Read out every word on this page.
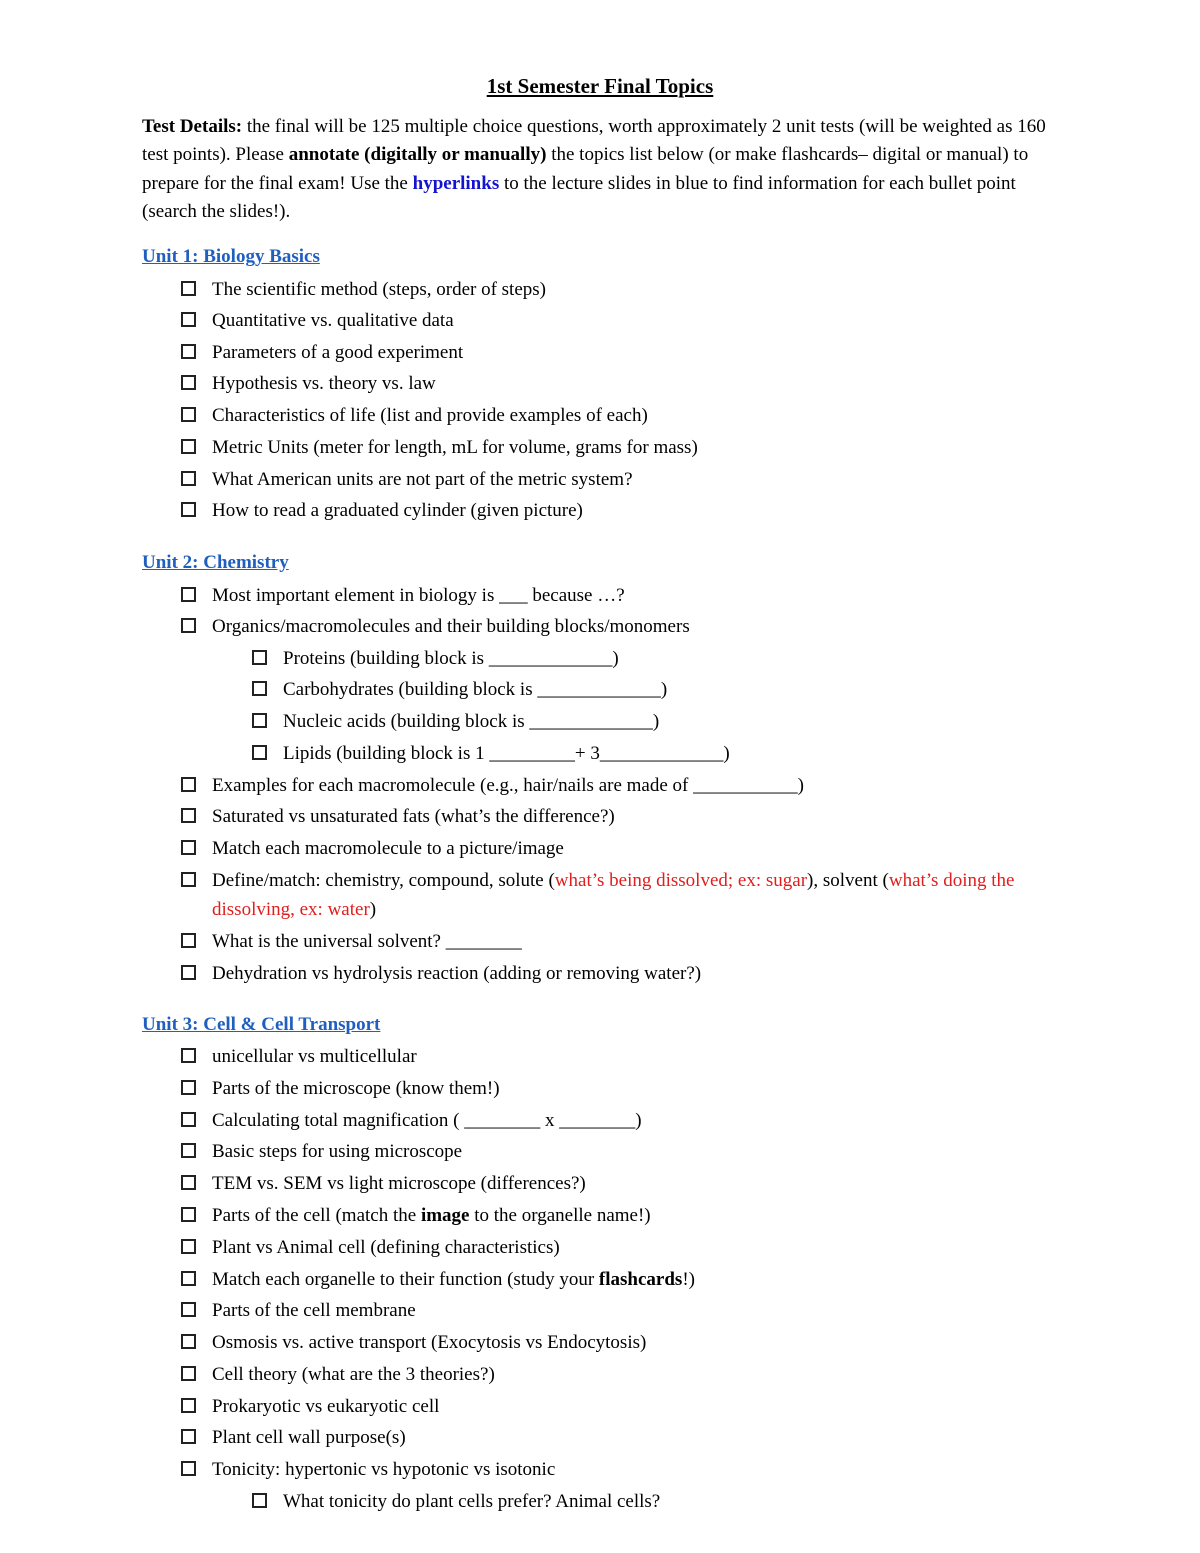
1st Semester Final Topics
Test Details: the final will be 125 multiple choice questions, worth approximately 2 unit tests (will be weighted as 160 test points). Please annotate (digitally or manually) the topics list below (or make flashcards– digital or manual) to prepare for the final exam! Use the hyperlinks to the lecture slides in blue to find information for each bullet point (search the slides!).
Unit 1: Biology Basics
The scientific method (steps, order of steps)
Quantitative vs. qualitative data
Parameters of a good experiment
Hypothesis vs. theory vs. law
Characteristics of life (list and provide examples of each)
Metric Units (meter for length, mL for volume, grams for mass)
What American units are not part of the metric system?
How to read a graduated cylinder (given picture)
Unit 2: Chemistry
Most important element in biology is ___ because …?
Organics/macromolecules and their building blocks/monomers
Proteins (building block is _____________)
Carbohydrates (building block is _____________)
Nucleic acids (building block is _____________)
Lipids (building block is 1 _________+ 3_____________)
Examples for each macromolecule (e.g., hair/nails are made of ___________)
Saturated vs unsaturated fats (what’s the difference?)
Match each macromolecule to a picture/image
Define/match: chemistry, compound, solute (what’s being dissolved; ex: sugar), solvent (what’s doing the dissolving, ex: water)
What is the universal solvent? ________
Dehydration vs hydrolysis reaction (adding or removing water?)
Unit 3: Cell & Cell Transport
unicellular vs multicellular
Parts of the microscope (know them!)
Calculating total magnification ( ________ x ________)
Basic steps for using microscope
TEM vs. SEM vs light microscope (differences?)
Parts of the cell (match the image to the organelle name!)
Plant vs Animal cell (defining characteristics)
Match each organelle to their function (study your flashcards!)
Parts of the cell membrane
Osmosis vs. active transport (Exocytosis vs Endocytosis)
Cell theory (what are the 3 theories?)
Prokaryotic vs eukaryotic cell
Plant cell wall purpose(s)
Tonicity: hypertonic vs hypotonic vs isotonic
What tonicity do plant cells prefer? Animal cells?
